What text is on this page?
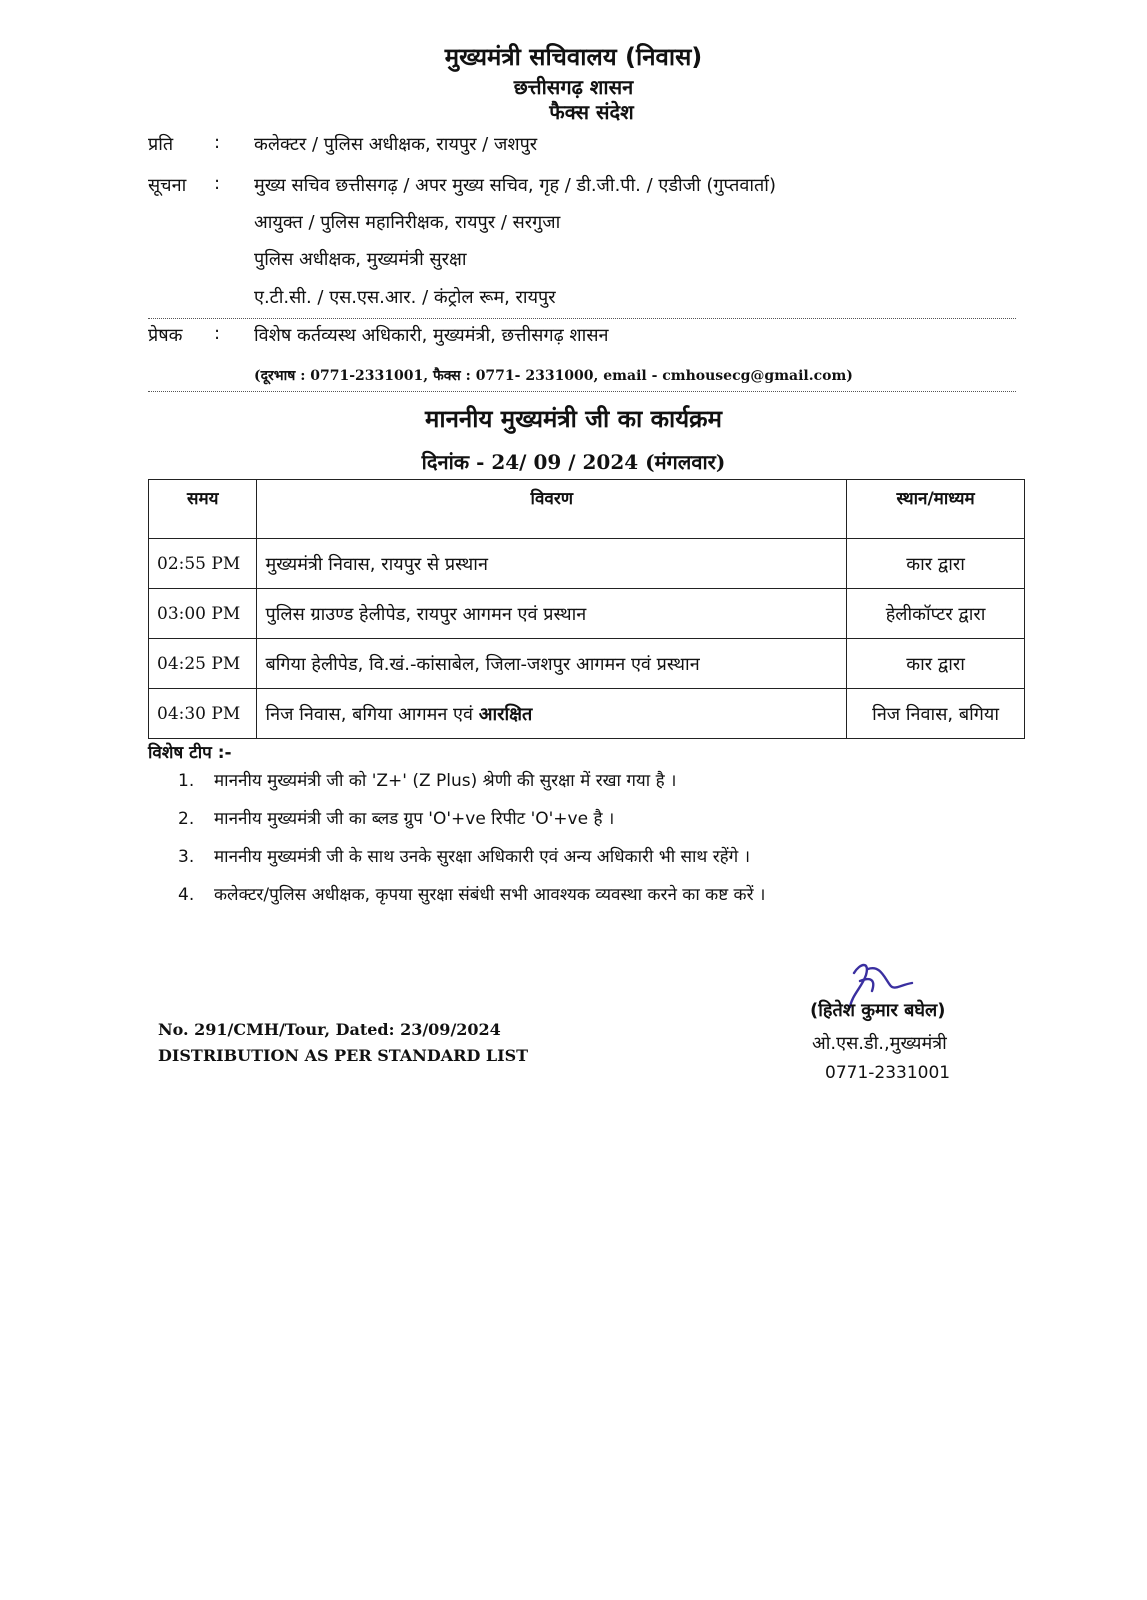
मुख्यमंत्री सचिवालय (निवास)
छत्तीसगढ़ शासन
फैक्स संदेश
प्रति : कलेक्टर / पुलिस अधीक्षक, रायपुर / जशपुर
सूचना : मुख्य सचिव छत्तीसगढ़ / अपर मुख्य सचिव, गृह / डी.जी.पी. / एडीजी (गुप्तवार्ता)
आयुक्त / पुलिस महानिरीक्षक, रायपुर / सरगुजा
पुलिस अधीक्षक, मुख्यमंत्री सुरक्षा
ए.टी.सी. / एस.एस.आर. / कंट्रोल रूम, रायपुर
प्रेषक : विशेष कर्तव्यस्थ अधिकारी, मुख्यमंत्री, छत्तीसगढ़ शासन
(दूरभाष : 0771-2331001, फैक्स : 0771- 2331000, email - cmhousecg@gmail.com)
माननीय मुख्यमंत्री जी का कार्यक्रम
दिनांक - 24/ 09 / 2024 (मंगलवार)
समय	विवरण	स्थान/माध्यम
02:55 PM	मुख्यमंत्री निवास, रायपुर से प्रस्थान	कार द्वारा
03:00 PM	पुलिस ग्राउण्ड हेलीपेड, रायपुर आगमन एवं प्रस्थान	हेलीकॉप्टर द्वारा
04:25 PM	बगिया हेलीपेड, वि.खं.-कांसाबेल, जिला-जशपुर आगमन एवं प्रस्थान	कार द्वारा
04:30 PM	निज निवास, बगिया आगमन एवं आरक्षित	निज निवास, बगिया
विशेष टीप :-
1. माननीय मुख्यमंत्री जी को 'Z+' (Z Plus) श्रेणी की सुरक्षा में रखा गया है ।
2. माननीय मुख्यमंत्री जी का ब्लड ग्रुप 'O'+ve रिपीट 'O'+ve है ।
3. माननीय मुख्यमंत्री जी के साथ उनके सुरक्षा अधिकारी एवं अन्य अधिकारी भी साथ रहेंगे ।
4. कलेक्टर/पुलिस अधीक्षक, कृपया सुरक्षा संबंधी सभी आवश्यक व्यवस्था करने का कष्ट करें ।
No. 291/CMH/Tour, Dated: 23/09/2024
DISTRIBUTION AS PER STANDARD LIST
(हितेश कुमार बघेल)
ओ.एस.डी.,मुख्यमंत्री
0771-2331001
